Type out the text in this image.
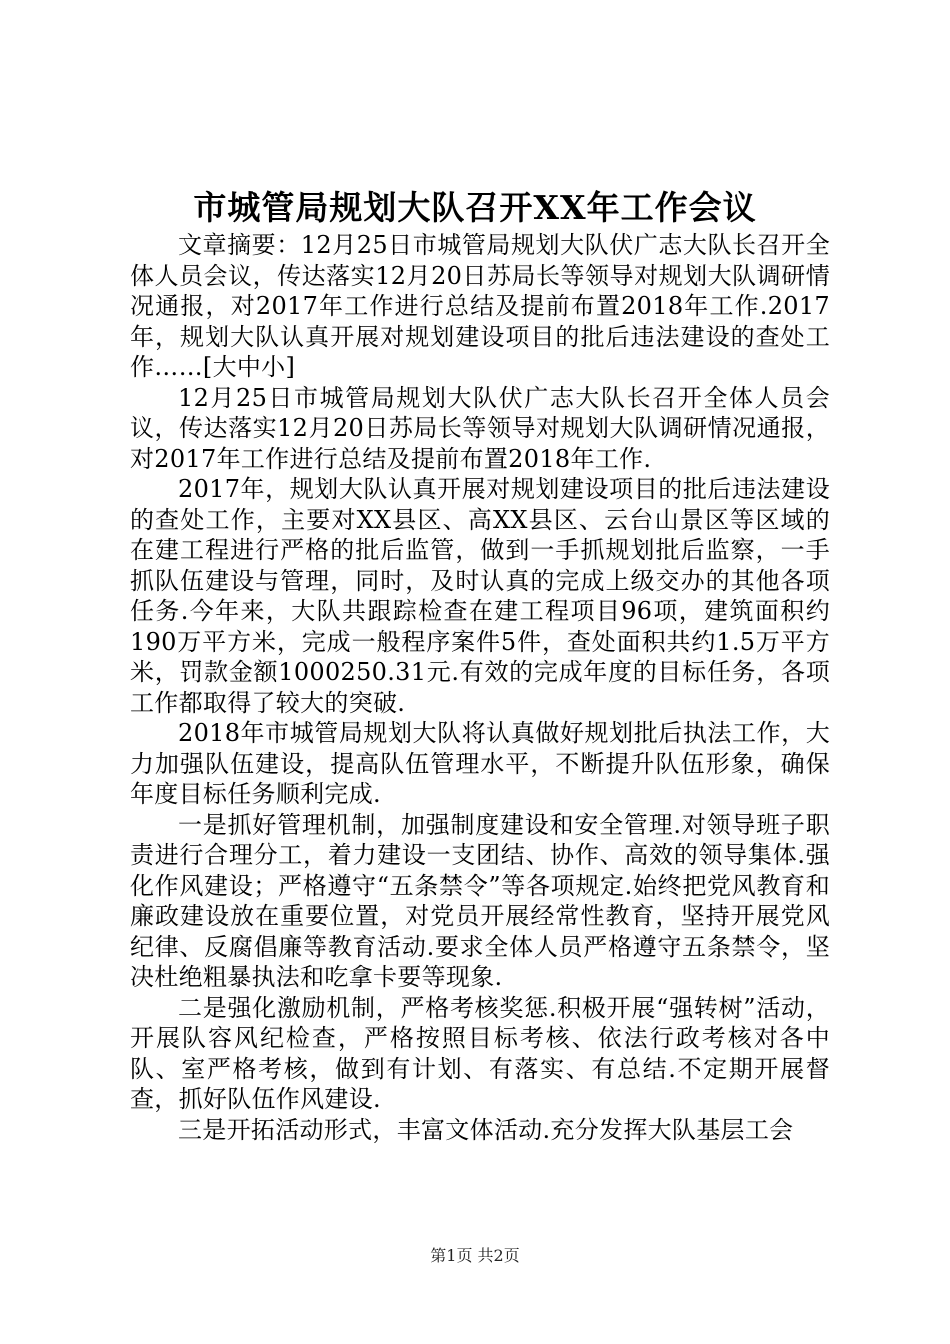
市城管局规划大队召开XX年工作会议

文章摘要：12月25日市城管局规划大队伏广志大队长召开全体人员会议，传达落实12月20日苏局长等领导对规划大队调研情况通报，对2017年工作进行总结及提前布置2018年工作.2017年，规划大队认真开展对规划建设项目的批后违法建设的查处工作……[大中小]

12月25日市城管局规划大队伏广志大队长召开全体人员会议，传达落实12月20日苏局长等领导对规划大队调研情况通报，对2017年工作进行总结及提前布置2018年工作.

2017年，规划大队认真开展对规划建设项目的批后违法建设的查处工作，主要对XX县区、高XX县区、云台山景区等区域的在建工程进行严格的批后监管，做到一手抓规划批后监察，一手抓队伍建设与管理，同时，及时认真的完成上级交办的其他各项任务.今年来，大队共跟踪检查在建工程项目96项，建筑面积约190万平方米，完成一般程序案件5件，查处面积共约1.5万平方米，罚款金额1000250.31元.有效的完成年度的目标任务，各项工作都取得了较大的突破.

2018年市城管局规划大队将认真做好规划批后执法工作，大力加强队伍建设，提高队伍管理水平，不断提升队伍形象，确保年度目标任务顺利完成.

一是抓好管理机制，加强制度建设和安全管理.对领导班子职责进行合理分工，着力建设一支团结、协作、高效的领导集体.强化作风建设；严格遵守“五条禁令”等各项规定.始终把党风教育和廉政建设放在重要位置，对党员开展经常性教育，坚持开展党风纪律、反腐倡廉等教育活动.要求全体人员严格遵守五条禁令，坚决杜绝粗暴执法和吃拿卡要等现象.

二是强化激励机制，严格考核奖惩.积极开展“强转树”活动，开展队容风纪检查，严格按照目标考核、依法行政考核对各中队、室严格考核，做到有计划、有落实、有总结.不定期开展督查，抓好队伍作风建设.

三是开拓活动形式，丰富文体活动.充分发挥大队基层工会

第1页 共2页
